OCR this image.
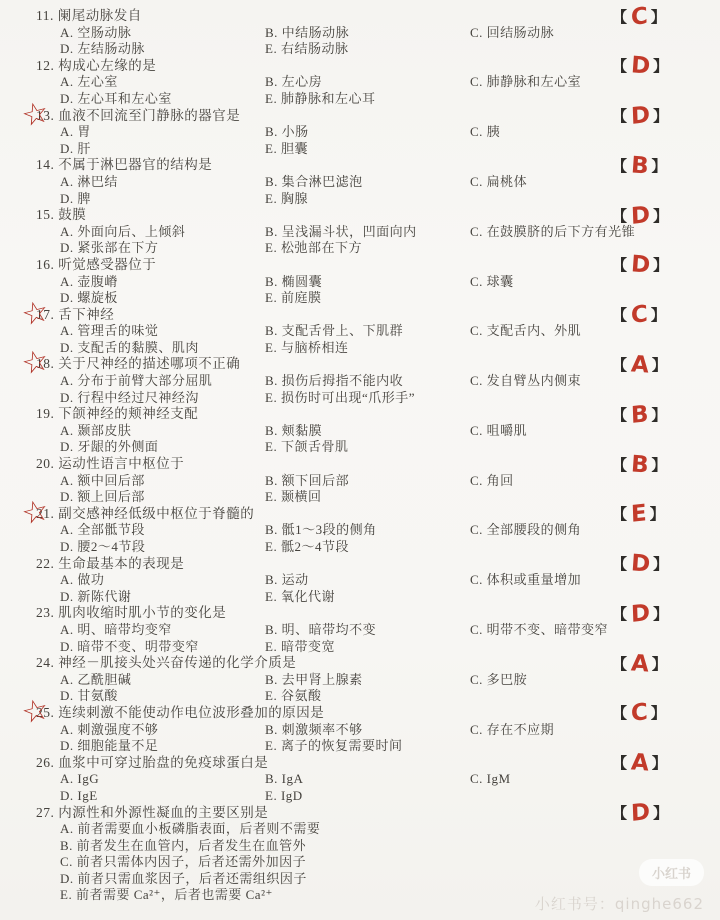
11. 阑尾动脉发自
A. 空肠动脉	B. 中结肠动脉	C. 回结肠动脉
D. 左结肠动脉	E. 右结肠动脉
【 C 】
12. 构成心左缘的是
A. 左心室	B. 左心房	C. 肺静脉和左心室
D. 左心耳和左心室	E. 肺静脉和左心耳
【 D 】
☆
13. 血液不回流至门静脉的器官是
A. 胃	B. 小肠	C. 胰
D. 肝	E. 胆囊
【 D 】
14. 不属于淋巴器官的结构是
A. 淋巴结	B. 集合淋巴滤泡	C. 扁桃体
D. 脾	E. 胸腺
【 B 】
15. 鼓膜
A. 外面向后、上倾斜	B. 呈浅漏斗状，凹面向内	C. 在鼓膜脐的后下方有光锥
D. 紧张部在下方	E. 松弛部在下方
【 D 】
16. 听觉感受器位于
A. 壶腹嵴	B. 椭圆囊	C. 球囊
D. 螺旋板	E. 前庭膜
【 D 】
☆
17. 舌下神经
A. 管理舌的味觉	B. 支配舌骨上、下肌群	C. 支配舌内、外肌
D. 支配舌的黏膜、肌肉	E. 与脑桥相连
【 C 】
☆
18. 关于尺神经的描述哪项不正确
A. 分布于前臂大部分屈肌	B. 损伤后拇指不能内收	C. 发自臂丛内侧束
D. 行程中经过尺神经沟	E. 损伤时可出现“爪形手”
【 A 】
19. 下颌神经的颊神经支配
A. 颞部皮肤	B. 颊黏膜	C. 咀嚼肌
D. 牙龈的外侧面	E. 下颌舌骨肌
【 B 】
20. 运动性语言中枢位于
A. 额中回后部	B. 额下回后部	C. 角回
D. 额上回后部	E. 颞横回
【 B 】
☆
21. 副交感神经低级中枢位于脊髓的
A. 全部骶节段	B. 骶1～3段的侧角	C. 全部腰段的侧角
D. 腰2～4节段	E. 骶2～4节段
【 E 】
22. 生命最基本的表现是
A. 做功	B. 运动	C. 体积或重量增加
D. 新陈代谢	E. 氧化代谢
【 D 】
23. 肌肉收缩时肌小节的变化是
A. 明、暗带均变窄	B. 明、暗带均不变	C. 明带不变、暗带变窄
D. 暗带不变、明带变窄	E. 暗带变宽
【 D 】
24. 神经－肌接头处兴奋传递的化学介质是
A. 乙酰胆碱	B. 去甲肾上腺素	C. 多巴胺
D. 甘氨酸	E. 谷氨酸
【 A 】
☆
25. 连续刺激不能使动作电位波形叠加的原因是
A. 刺激强度不够	B. 刺激频率不够	C. 存在不应期
D. 细胞能量不足	E. 离子的恢复需要时间
【 C 】
26. 血浆中可穿过胎盘的免疫球蛋白是
A. IgG	B. IgA	C. IgM
D. IgE	E. IgD
【 A 】
27. 内源性和外源性凝血的主要区别是
A. 前者需要血小板磷脂表面，后者则不需要
B. 前者发生在血管内，后者发生在血管外
C. 前者只需体内因子，后者还需外加因子
D. 前者只需血浆因子，后者还需组织因子
E. 前者需要 Ca²⁺，后者也需要 Ca²⁺
【 D 】
小红书
小红书号：qinghe662
